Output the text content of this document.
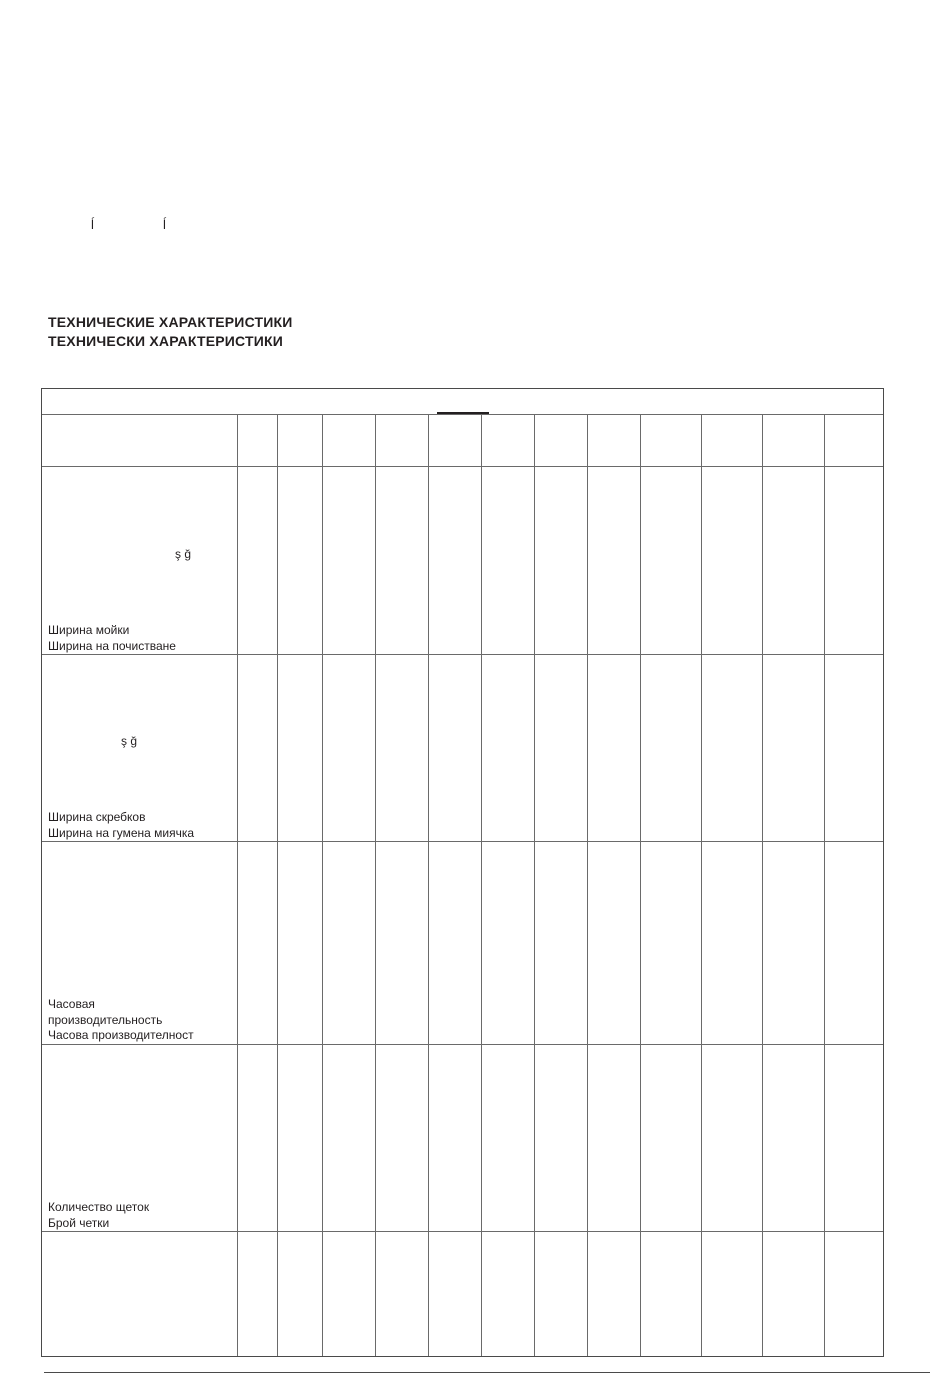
ĺ	ĺ
ТЕХНИЧЕСКИЕ ХАРАКТЕРИСТИКИ
ТЕХНИЧЕСКИ ХАРАКТЕРИСТИКИ
ş ğ
Ширина мойки
Ширина на почистване
ş ğ
Ширина скребков
Ширина на гумена миячка
Часовая
производительность
Часова производителност
Количество щеток
Брой четки
